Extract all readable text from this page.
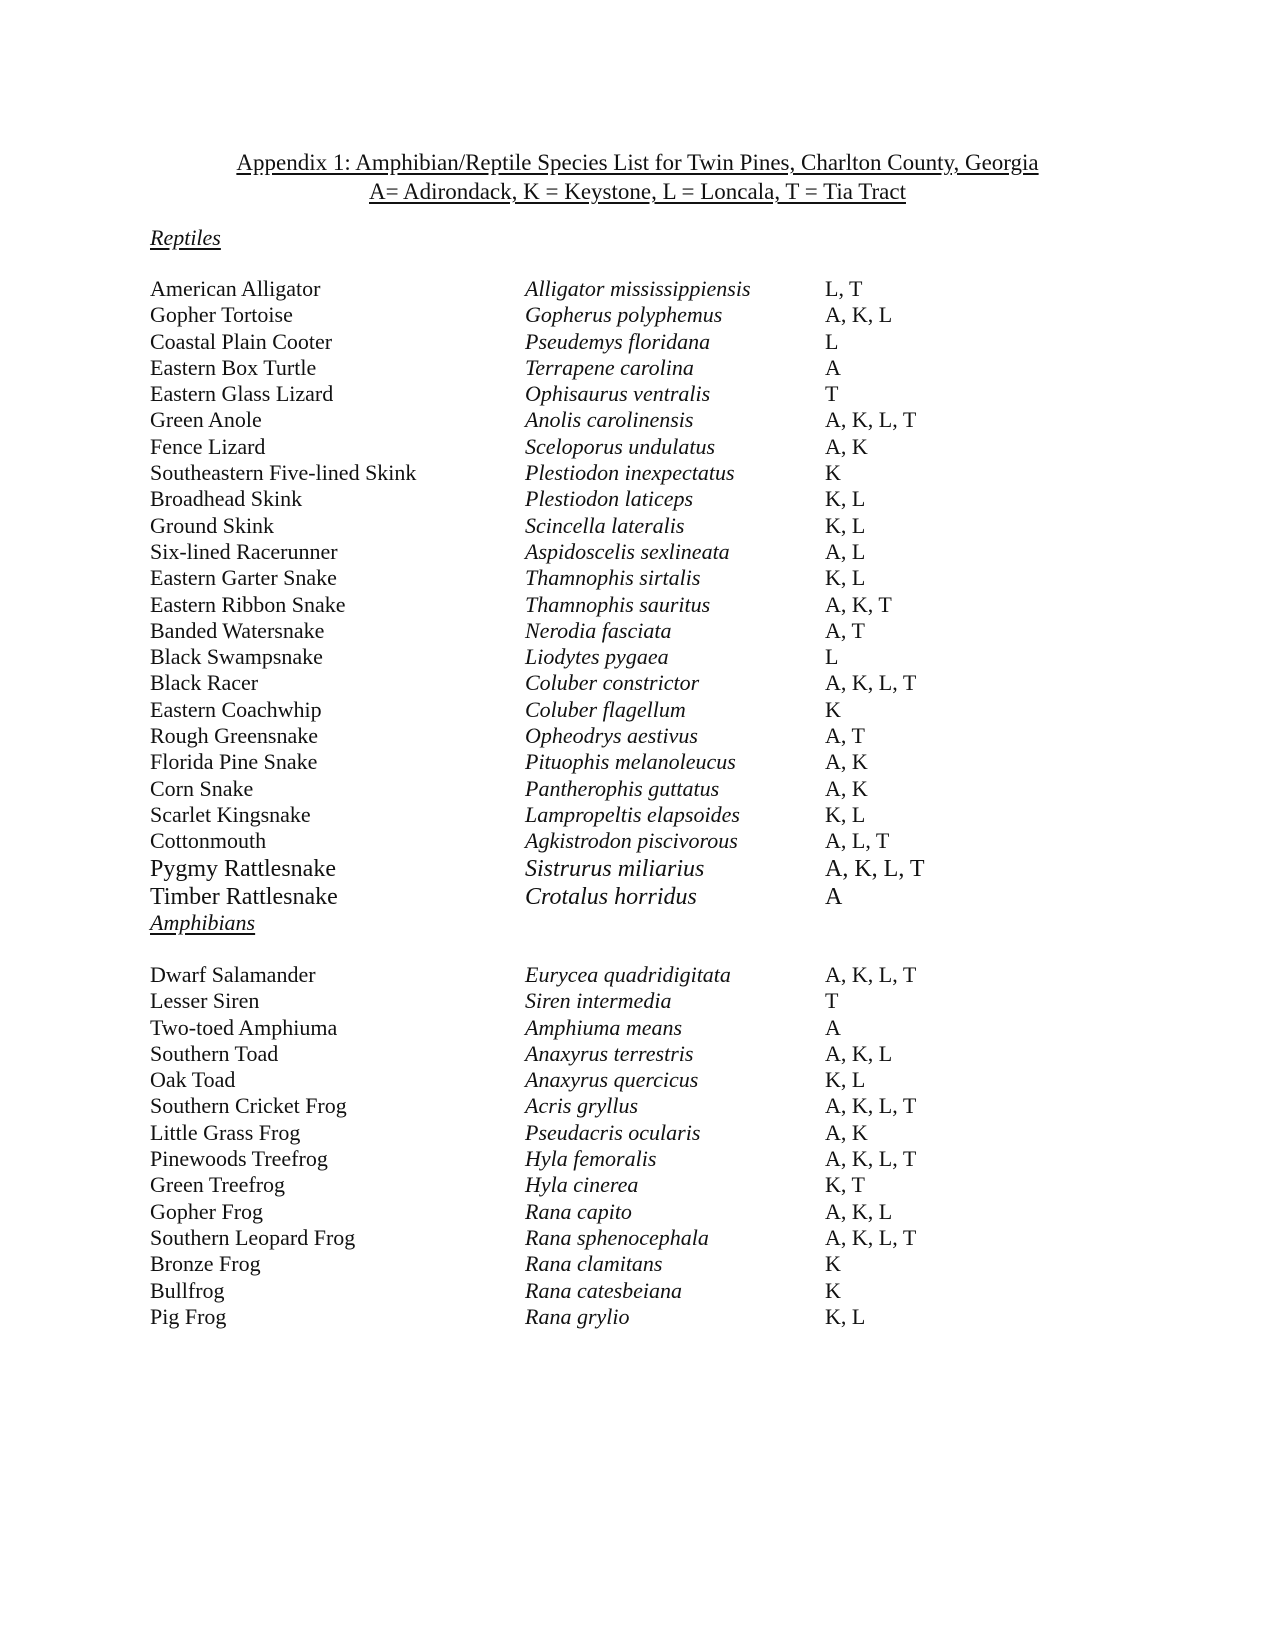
Appendix 1: Amphibian/Reptile Species List for Twin Pines, Charlton County, Georgia
A= Adirondack, K = Keystone, L = Loncala, T = Tia Tract
Reptiles
American Alligator	Alligator mississippiensis	L, T
Gopher Tortoise	Gopherus polyphemus	A, K, L
Coastal Plain Cooter	Pseudemys floridana	L
Eastern Box Turtle	Terrapene carolina	A
Eastern Glass Lizard	Ophisaurus ventralis	T
Green Anole	Anolis carolinensis	A, K, L, T
Fence Lizard	Sceloporus undulatus	A, K
Southeastern Five-lined Skink	Plestiodon inexpectatus	K
Broadhead Skink	Plestiodon laticeps	K, L
Ground Skink	Scincella lateralis	K, L
Six-lined Racerunner	Aspidoscelis sexlineata	A, L
Eastern Garter Snake	Thamnophis sirtalis	K, L
Eastern Ribbon Snake	Thamnophis sauritus	A, K, T
Banded Watersnake	Nerodia fasciata	A, T
Black Swampsnake	Liodytes pygaea	L
Black Racer	Coluber constrictor	A, K, L, T
Eastern Coachwhip	Coluber flagellum	K
Rough Greensnake	Opheodrys aestivus	A, T
Florida Pine Snake	Pituophis melanoleucus	A, K
Corn Snake	Pantherophis guttatus	A, K
Scarlet Kingsnake	Lampropeltis elapsoides	K, L
Cottonmouth	Agkistrodon piscivorous	A, L, T
Pygmy Rattlesnake	Sistrurus miliarius	A, K, L, T
Timber Rattlesnake	Crotalus horridus	A
Amphibians
Dwarf Salamander	Eurycea quadridigitata	A, K, L, T
Lesser Siren	Siren intermedia	T
Two-toed Amphiuma	Amphiuma means	A
Southern Toad	Anaxyrus terrestris	A, K, L
Oak Toad	Anaxyrus quercicus	K, L
Southern Cricket Frog	Acris gryllus	A, K, L, T
Little Grass Frog	Pseudacris ocularis	A, K
Pinewoods Treefrog	Hyla femoralis	A, K, L, T
Green Treefrog	Hyla cinerea	K, T
Gopher Frog	Rana capito	A, K, L
Southern Leopard Frog	Rana sphenocephala	A, K, L, T
Bronze Frog	Rana clamitans	K
Bullfrog	Rana catesbeiana	K
Pig Frog	Rana grylio	K, L
